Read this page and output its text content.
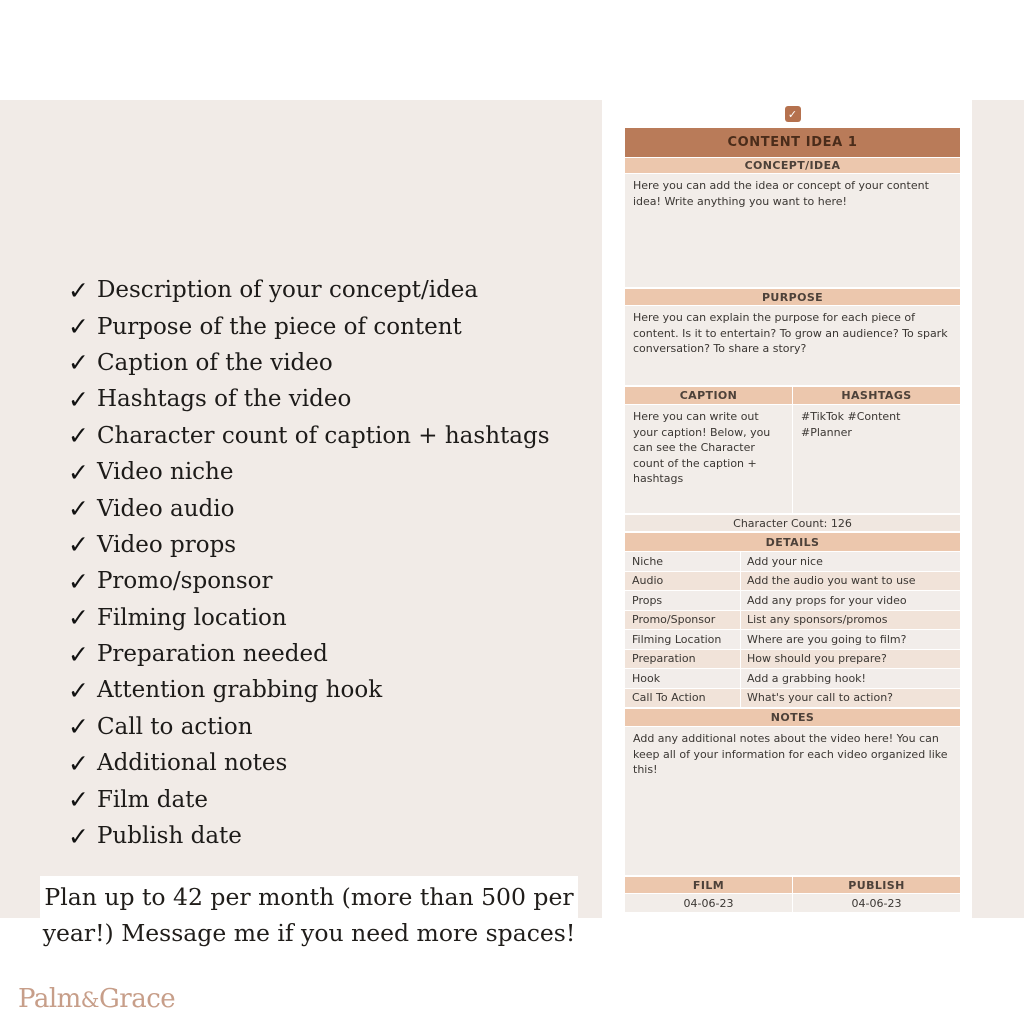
✓ Description of your concept/idea
✓ Purpose of the piece of content
✓ Caption of the video
✓ Hashtags of the video
✓ Character count of caption + hashtags
✓ Video niche
✓ Video audio
✓ Video props
✓ Promo/sponsor
✓ Filming location
✓ Preparation needed
✓ Attention grabbing hook
✓ Call to action
✓ Additional notes
✓ Film date
✓ Publish date
Plan up to 42 per month (more than 500 per
year!) Message me if you need more spaces!
Palm&Grace
✓
CONTENT IDEA 1
CONCEPT/IDEA
Here you can add the idea or concept of your content idea! Write anything you want to here!
PURPOSE
Here you can explain the purpose for each piece of content. Is it to entertain? To grow an audience? To spark conversation? To share a story?
CAPTION
Here you can write out your caption! Below, you can see the Character count of the caption + hashtags
HASHTAGS
#TikTok #Content #Planner
Character Count: 126
DETAILS
Niche	Add your nice
Audio	Add the audio you want to use
Props	Add any props for your video
Promo/Sponsor	List any sponsors/promos
Filming Location	Where are you going to film?
Preparation	How should you prepare?
Hook	Add a grabbing hook!
Call To Action	What's your call to action?
NOTES
Add any additional notes about the video here! You can keep all of your information for each video organized like this!
FILM
04-06-23
PUBLISH
04-06-23
